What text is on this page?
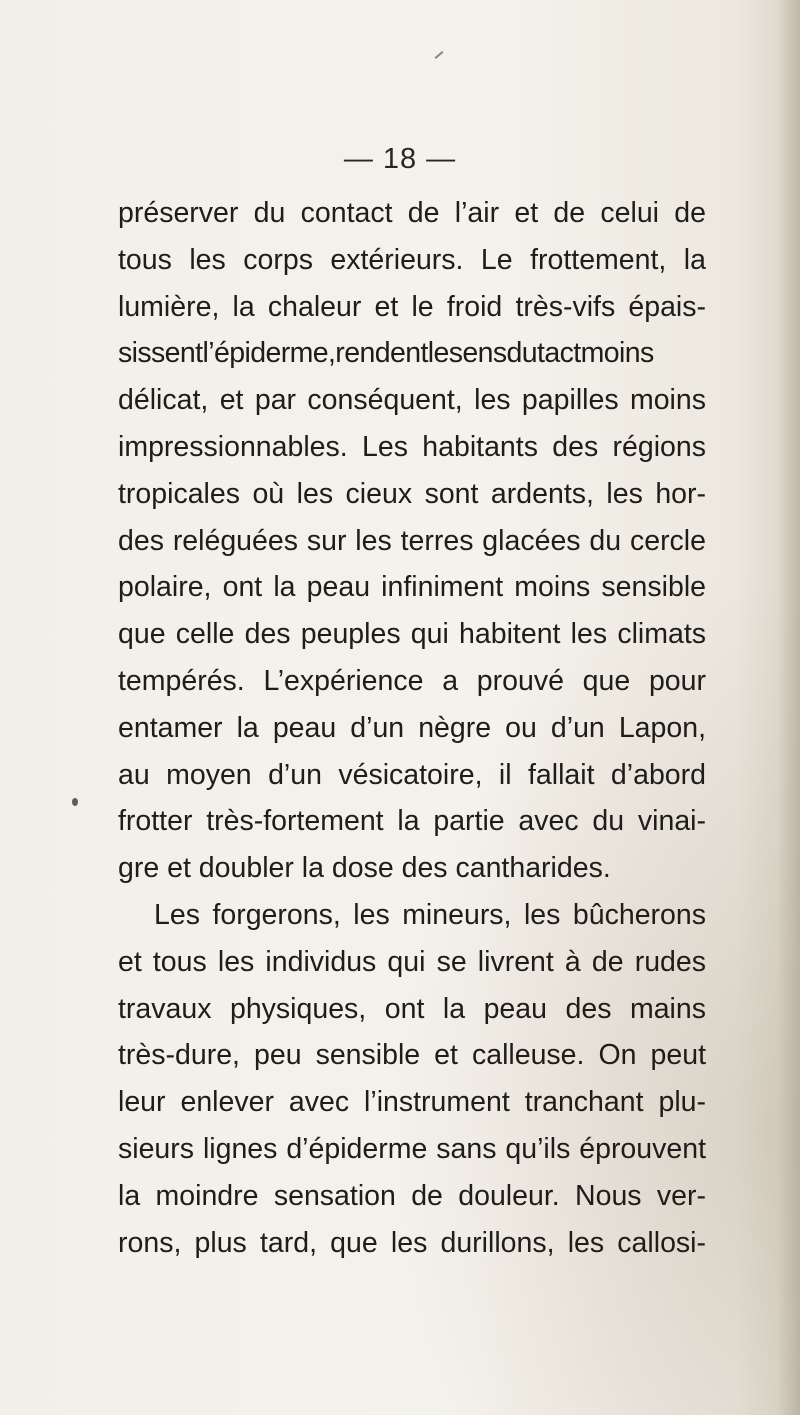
— 18 —
préserver du contact de l’air et de celui de
tous les corps extérieurs. Le frottement, la
lumière, la chaleur et le froid très-vifs épais-
sissentl’épiderme,rendentlesensdutactmoins
délicat, et par conséquent, les papilles moins
impressionnables. Les habitants des régions
tropicales où les cieux sont ardents, les hor-
des reléguées sur les terres glacées du cercle
polaire, ont la peau infiniment moins sensible
que celle des peuples qui habitent les climats
tempérés. L’expérience a prouvé que pour
entamer la peau d’un nègre ou d’un Lapon,
au moyen d’un vésicatoire, il fallait d’abord
frotter très-fortement la partie avec du vinai-
gre et doubler la dose des cantharides.
Les forgerons, les mineurs, les bûcherons
et tous les individus qui se livrent à de rudes
travaux physiques, ont la peau des mains
très-dure, peu sensible et calleuse. On peut
leur enlever avec l’instrument tranchant plu-
sieurs lignes d’épiderme sans qu’ils éprouvent
la moindre sensation de douleur. Nous ver-
rons, plus tard, que les durillons, les callosi-
